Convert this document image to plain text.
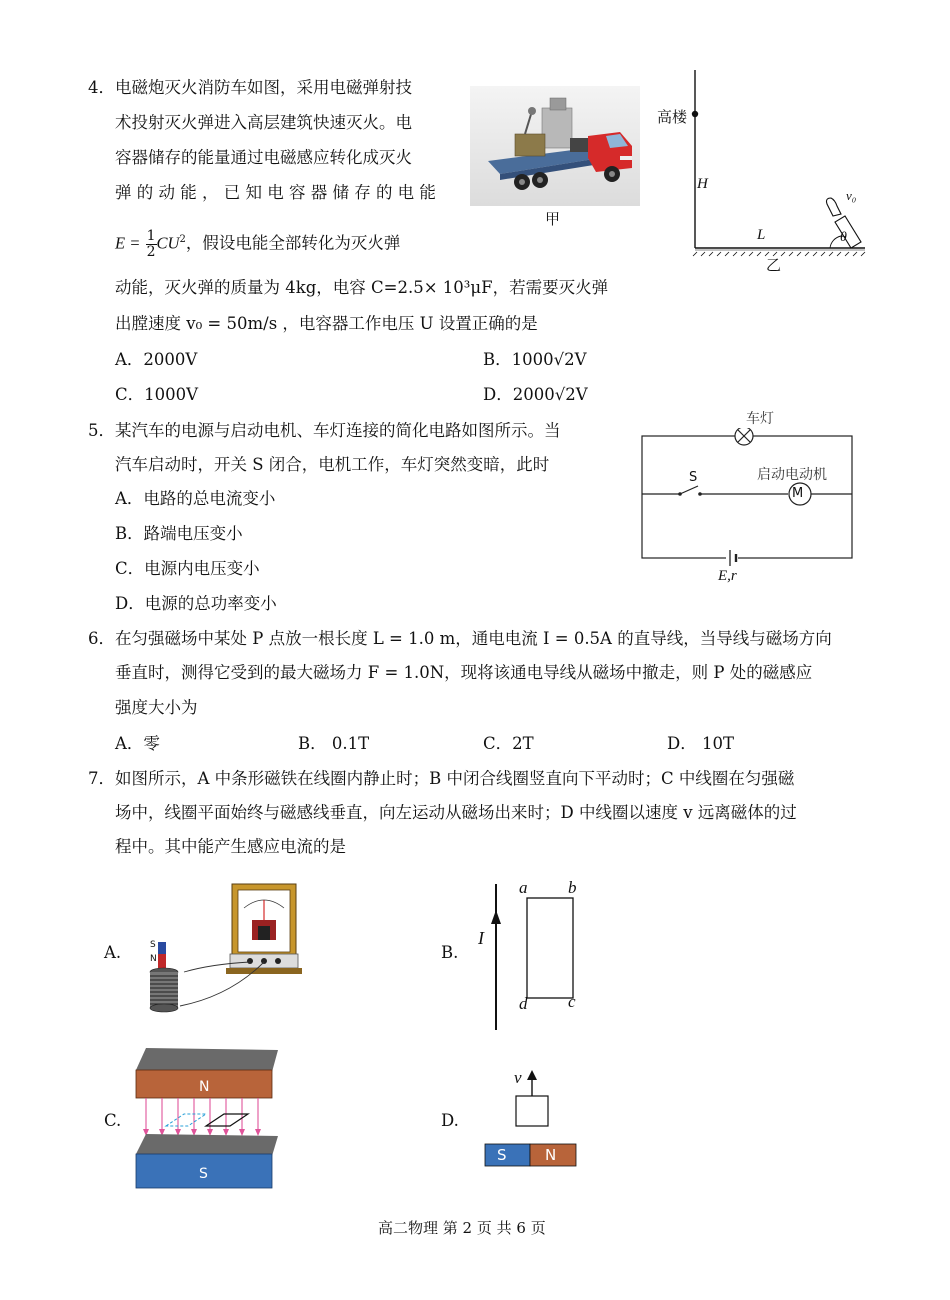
4． 电磁炮灭火消防车如图，采用电磁弹射技
术投射灭火弹进入高层建筑快速灭火。电
容器储存的能量通过电磁感应转化成灭火
弹 的 动 能 ， 已 知 电 容 器 储 存 的 电 能
$E = \frac{1}{2} CU^2$，假设电能全部转化为灭火弹
动能，灭火弹的质量为 4kg，电容 C=2.5× 10³μF，若需要灭火弹
出膛速度 v₀ = 50m/s ，电容器工作电压 U 设置正确的是
A．2000V	B．1000√2V
C．1000V	D．2000√2V
甲
高楼
H
L
v₀
θ
乙
5． 某汽车的电源与启动电机、车灯连接的简化电路如图所示。当
汽车启动时，开关 S 闭合，电机工作，车灯突然变暗，此时
A．电路的总电流变小
B．路端电压变小
C．电源内电压变小
D．电源的总功率变小
车灯
S	启动电动机
M
E,r
6． 在匀强磁场中某处 P 点放一根长度 L = 1.0 m，通电电流 I = 0.5A 的直导线，当导线与磁场方向
垂直时，测得它受到的最大磁场力 F = 1.0N，现将该通电导线从磁场中撤走，则 P 处的磁感应
强度大小为
A．零	B． 0.1T	C．2T	D． 10T
7． 如图所示，A 中条形磁铁在线圈内静止时；B 中闭合线圈竖直向下平动时；C 中线圈在匀强磁
场中，线圈平面始终与磁感线垂直，向左运动从磁场出来时；D 中线圈以速度 v 远离磁体的过
程中。其中能产生感应电流的是
A.	S
N	B.
I
a b
d c
C.
N
S
D.
v
S	N
高二物理 第 2 页 共 6 页
